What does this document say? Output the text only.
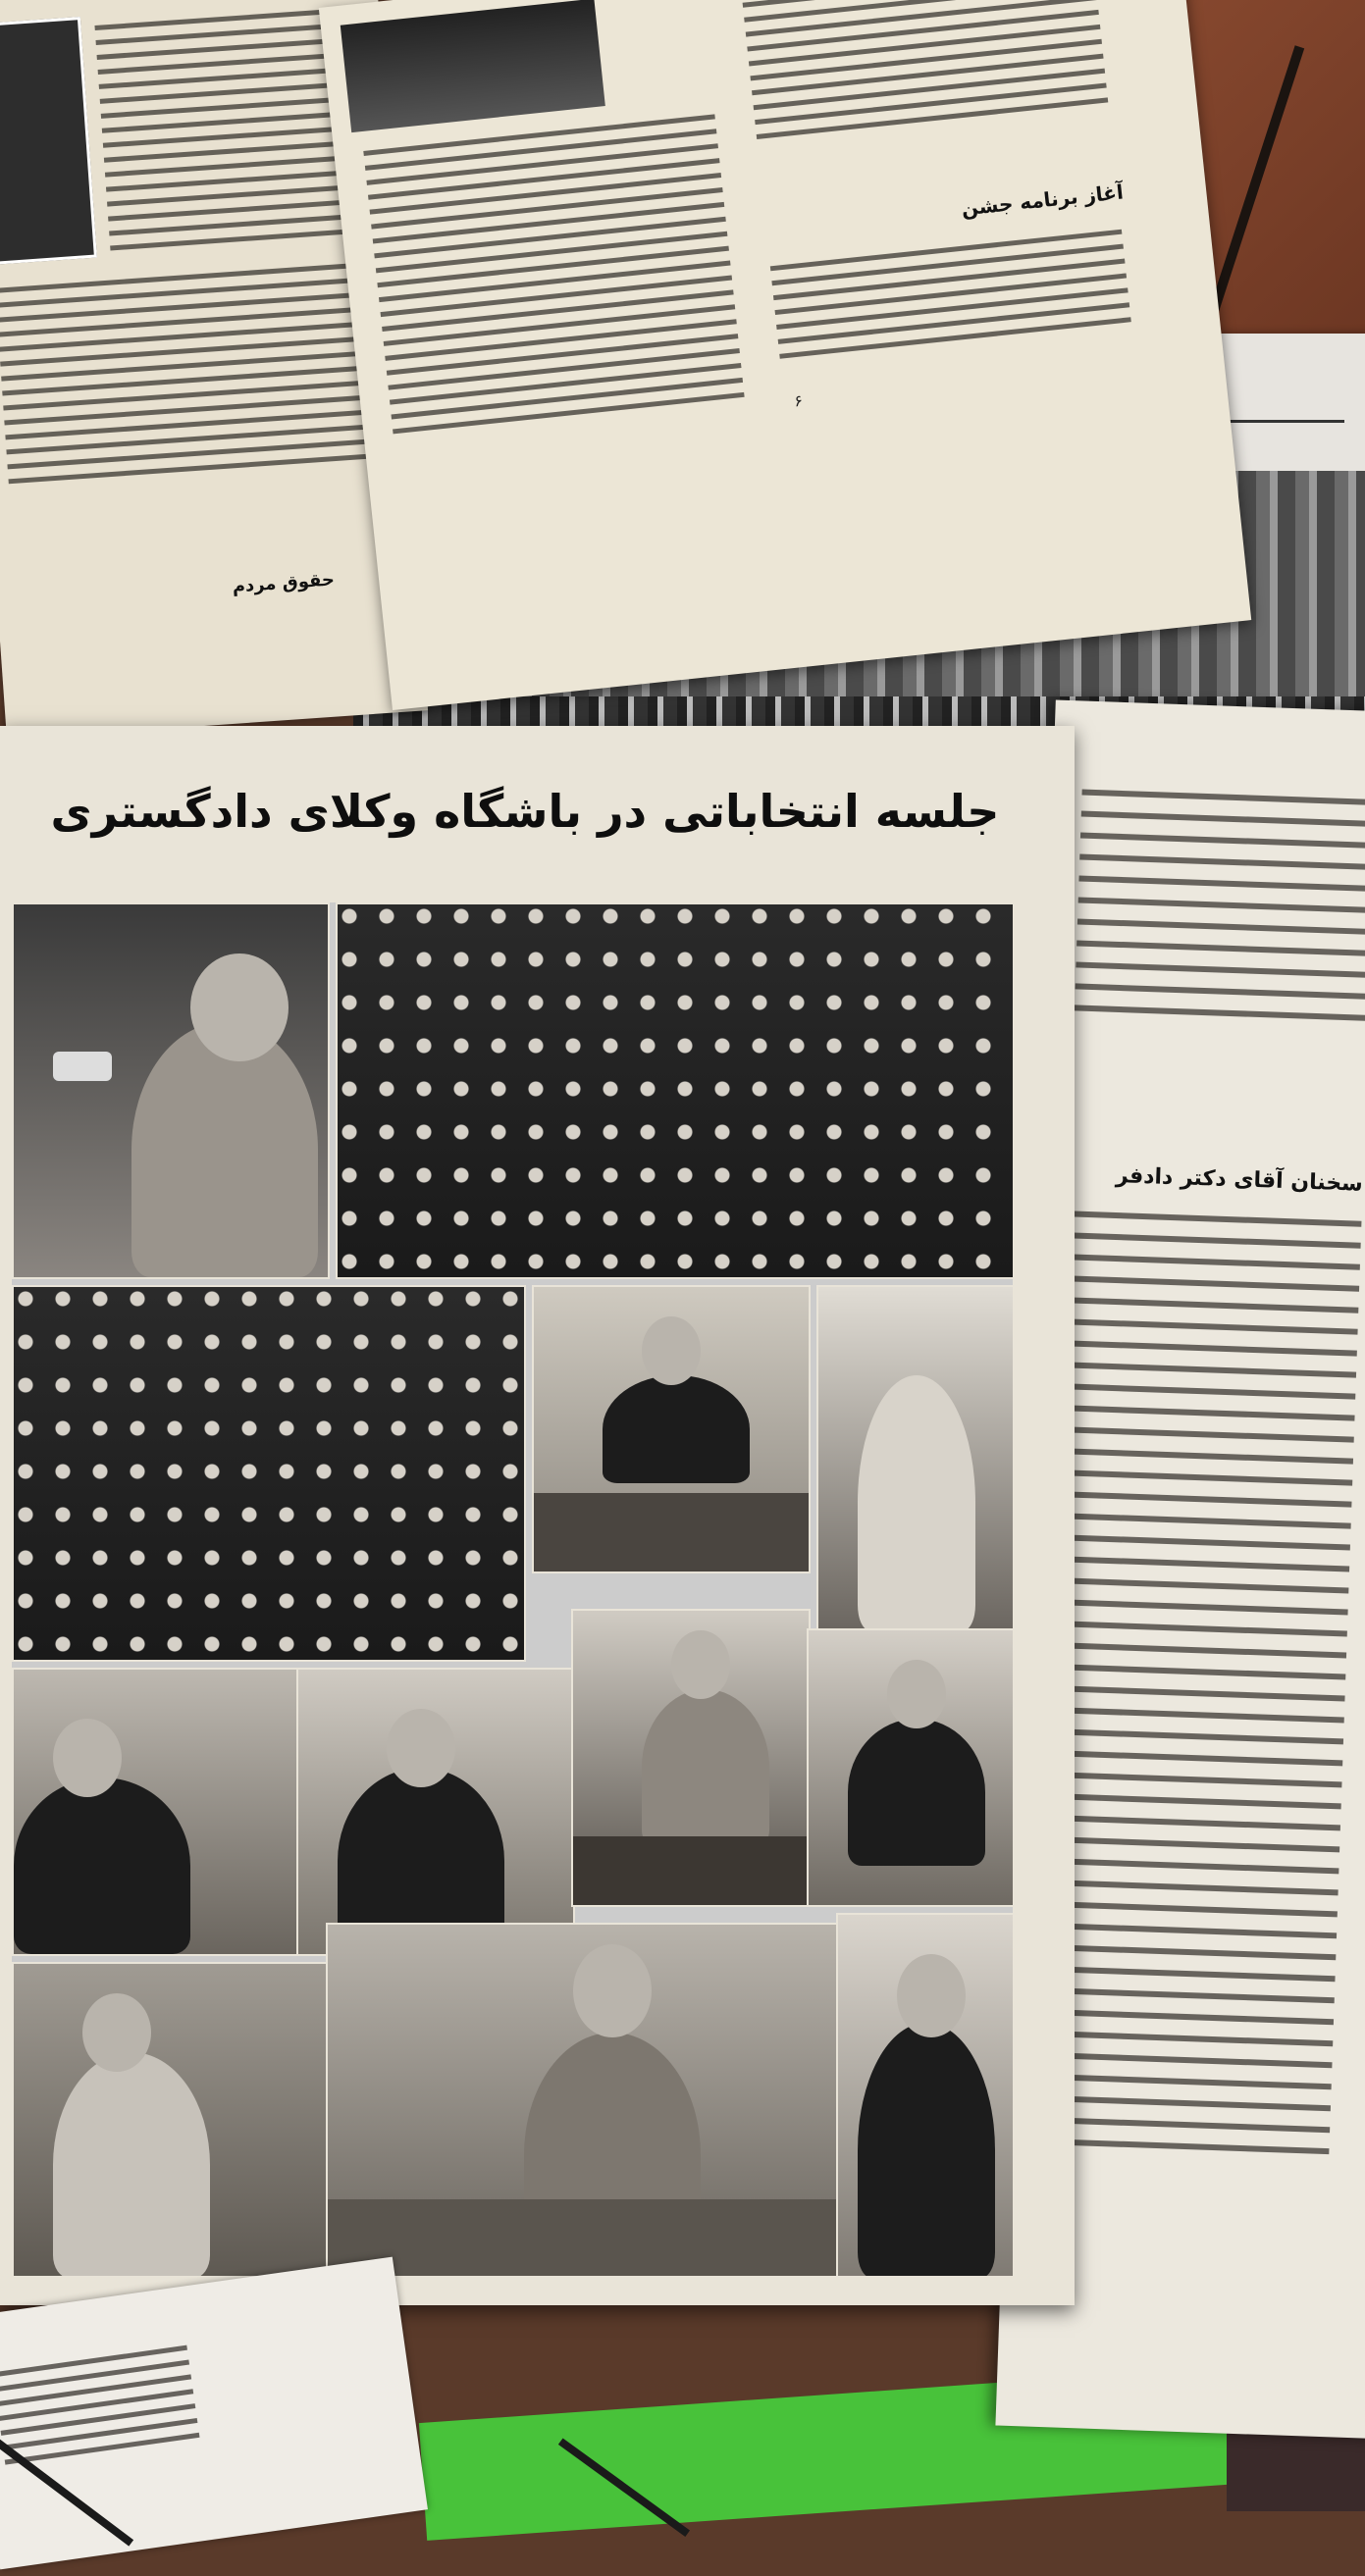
حقوق مردم
آغاز برنامه جشن
۶
سخنان آقای دکتر دادفر
جلسه انتخاباتی در باشگاه وکلای دادگستری
